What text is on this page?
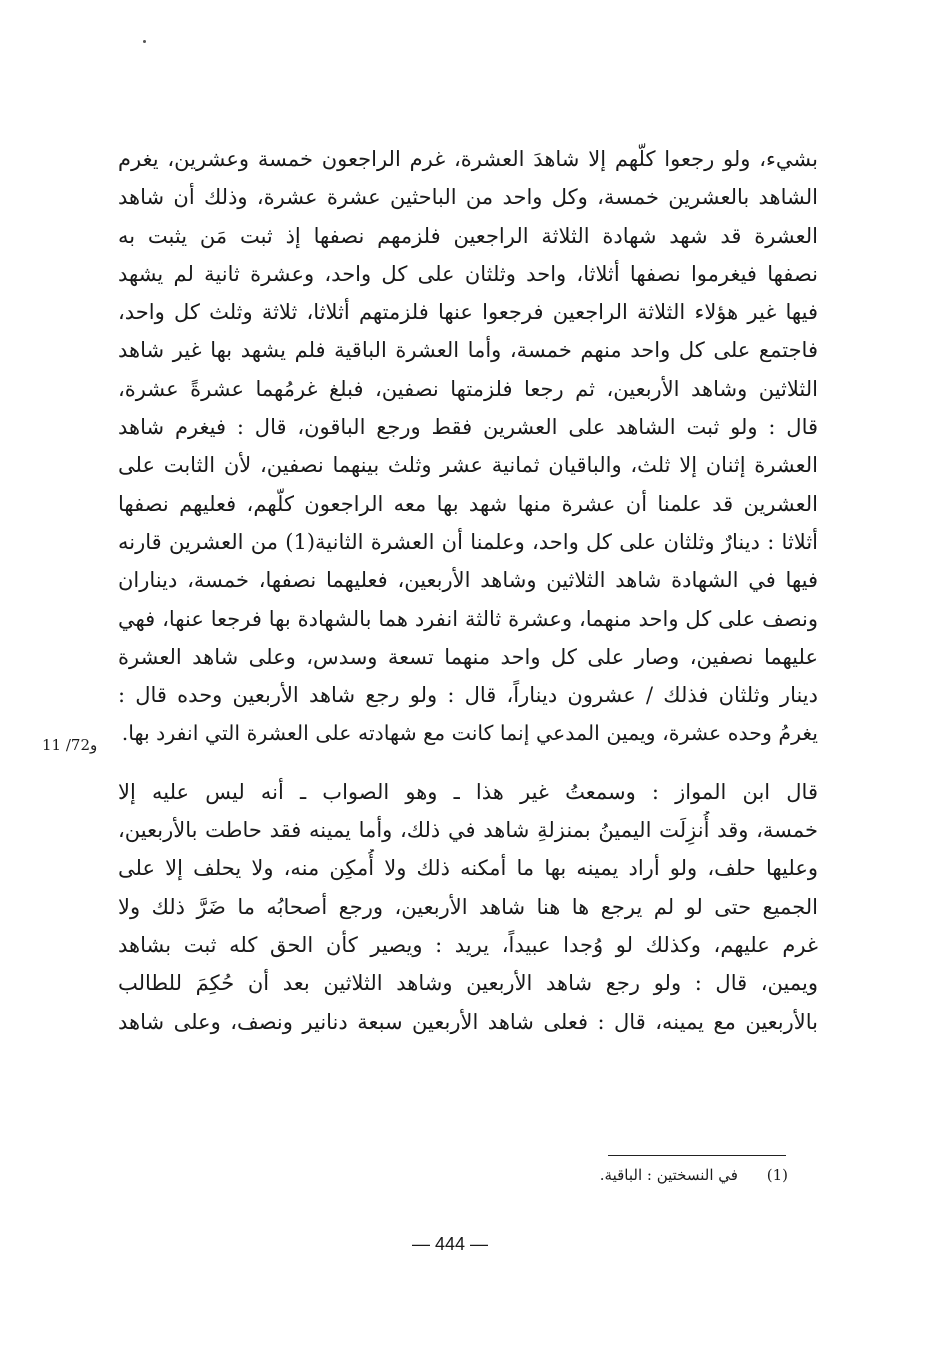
بشيء، ولو رجعوا كلّهم إلا شاهدَ العشرة، غرم الراجعون خمسة وعشرين، يغرم
الشاهد بالعشرين خمسة، وكل واحد من الباحثين عشرة عشرة، وذلك أن شاهد
العشرة قد شهد شهادة الثلاثة الراجعين فلزمهم نصفها إذ ثبت مَن يثبت به
نصفها فيغرموا نصفها أثلاثا، واحد وثلثان على كل واحد، وعشرة ثانية لم يشهد
فيها غير هؤلاء الثلاثة الراجعين فرجعوا عنها فلزمتهم أثلاثا، ثلاثة وثلث كل واحد،
فاجتمع على كل واحد منهم خمسة، وأما العشرة الباقية فلم يشهد بها غير شاهد
الثلاثين وشاهد الأربعين، ثم رجعا فلزمتها نصفين، فبلغ غرمُهما عشرةً عشرة،
قال : ولو ثبت الشاهد على العشرين فقط ورجع الباقون، قال : فيغرم شاهد
العشرة إثنان إلا ثلث، والباقيان ثمانية عشر وثلث بينهما نصفين، لأن الثابت على
العشرين قد علمنا أن عشرة منها شهد بها معه الراجعون كلّهم، فعليهم نصفها
أثلاثا : دينارٌ وثلثان على كل واحد، وعلمنا أن العشرة الثانية(1) من العشرين قارنه
فيها في الشهادة شاهد الثلاثين وشاهد الأربعين، فعليهما نصفها، خمسة، ديناران
ونصف على كل واحد منهما، وعشرة ثالثة انفرد هما بالشهادة بها فرجعا عنها، فهي
عليهما نصفين، وصار على كل واحد منهما تسعة وسدس، وعلى شاهد العشرة
دينار وثلثان فذلك / عشرون ديناراً، قال : ولو رجع شاهد الأربعين وحده قال :
يغرمُ وحده عشرة، ويمين المدعي إنما كانت مع شهادته على العشرة التي انفرد بها.
قال ابن المواز : وسمعتُ غير هذا ـ وهو الصواب ـ أنه ليس عليه إلا
خمسة، وقد أُنزِلَت اليمينُ بمنزلةِ شاهد في ذلك، وأما يمينه فقد حاطت بالأربعين،
وعليها حلف، ولو أراد يمينه بها ما أمكنه ذلك ولا أُمكِن منه، ولا يحلف إلا على
الجميع حتى لو لم يرجع ها هنا شاهد الأربعين، ورجع أصحابُه ما ضَرَّ ذلك ولا
غرم عليهم، وكذلك لو وُجدا عبيداً، يريد : ويصير كأن الحق كله ثبت بشاهد
ويمين، قال : ولو رجع شاهد الأربعين وشاهد الثلاثين بعد أن حُكِمَ للطالب
بالأربعين مع يمينه، قال : فعلى شاهد الأربعين سبعة دنانير ونصف، وعلى شاهد
11 /72و
(1) في النسختين : الباقية.
— 444 —
